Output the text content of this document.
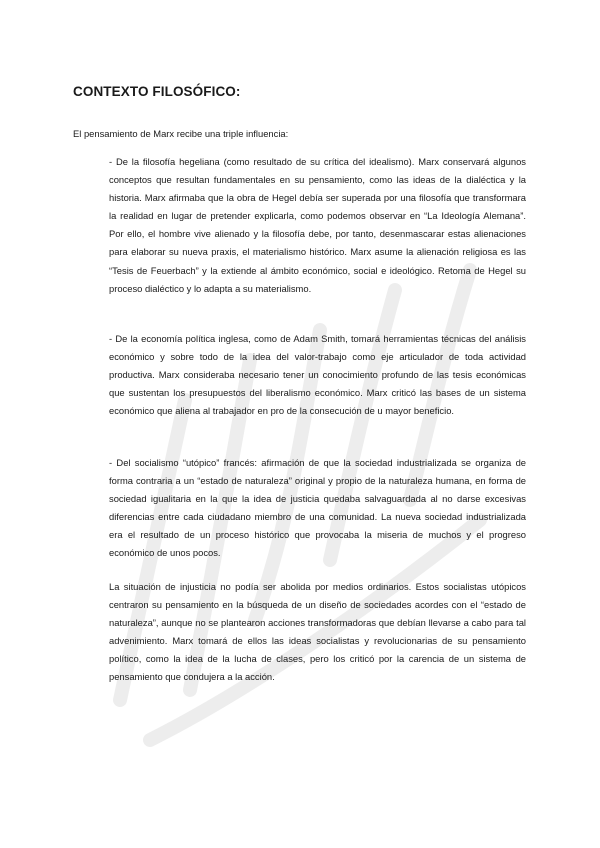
CONTEXTO FILOSÓFICO:

El pensamiento de Marx recibe una triple influencia:

- De la filosofía hegeliana (como resultado de su crítica del idealismo). Marx conservará algunos conceptos que resultan fundamentales en su pensamiento, como las ideas de la dialéctica y la historia. Marx afirmaba que la obra de Hegel debía ser superada por una filosofía que transformara la realidad en lugar de pretender explicarla, como podemos observar en “La Ideología Alemana”. Por ello, el hombre vive alienado y la filosofía debe, por tanto, desenmascarar estas alienaciones para elaborar su nueva praxis, el materialismo histórico. Marx asume la alienación religiosa es las “Tesis de Feuerbach” y la extiende al ámbito económico, social e ideológico. Retoma de Hegel su proceso dialéctico y lo adapta a su materialismo.

- De la economía política inglesa, como de Adam Smith, tomará herramientas técnicas del análisis económico y sobre todo de la idea del valor-trabajo como eje articulador de toda actividad productiva. Marx consideraba necesario tener un conocimiento profundo de las tesis económicas que sustentan los presupuestos del liberalismo económico. Marx criticó las bases de un sistema económico que aliena al trabajador en pro de la consecución de u mayor beneficio.

- Del socialismo “utópico” francés: afirmación de que la sociedad industrializada se organiza de forma contraria a un “estado de naturaleza” original y propio de la naturaleza humana, en forma de sociedad igualitaria en la que la idea de justicia quedaba salvaguardada al no darse excesivas diferencias entre cada ciudadano miembro de una comunidad. La nueva sociedad industrializada era el resultado de un proceso histórico que provocaba la miseria de muchos y el progreso económico de unos pocos.

La situación de injusticia no podía ser abolida por medios ordinarios. Estos socialistas utópicos centraron su pensamiento en la búsqueda de un diseño de sociedades acordes con el “estado de naturaleza”, aunque no se plantearon acciones transformadoras que debían llevarse a cabo para tal advenimiento. Marx tomará de ellos las ideas socialistas y revolucionarias de su pensamiento político, como la idea de la lucha de clases, pero los criticó por la carencia de un sistema de pensamiento que condujera a la acción.
